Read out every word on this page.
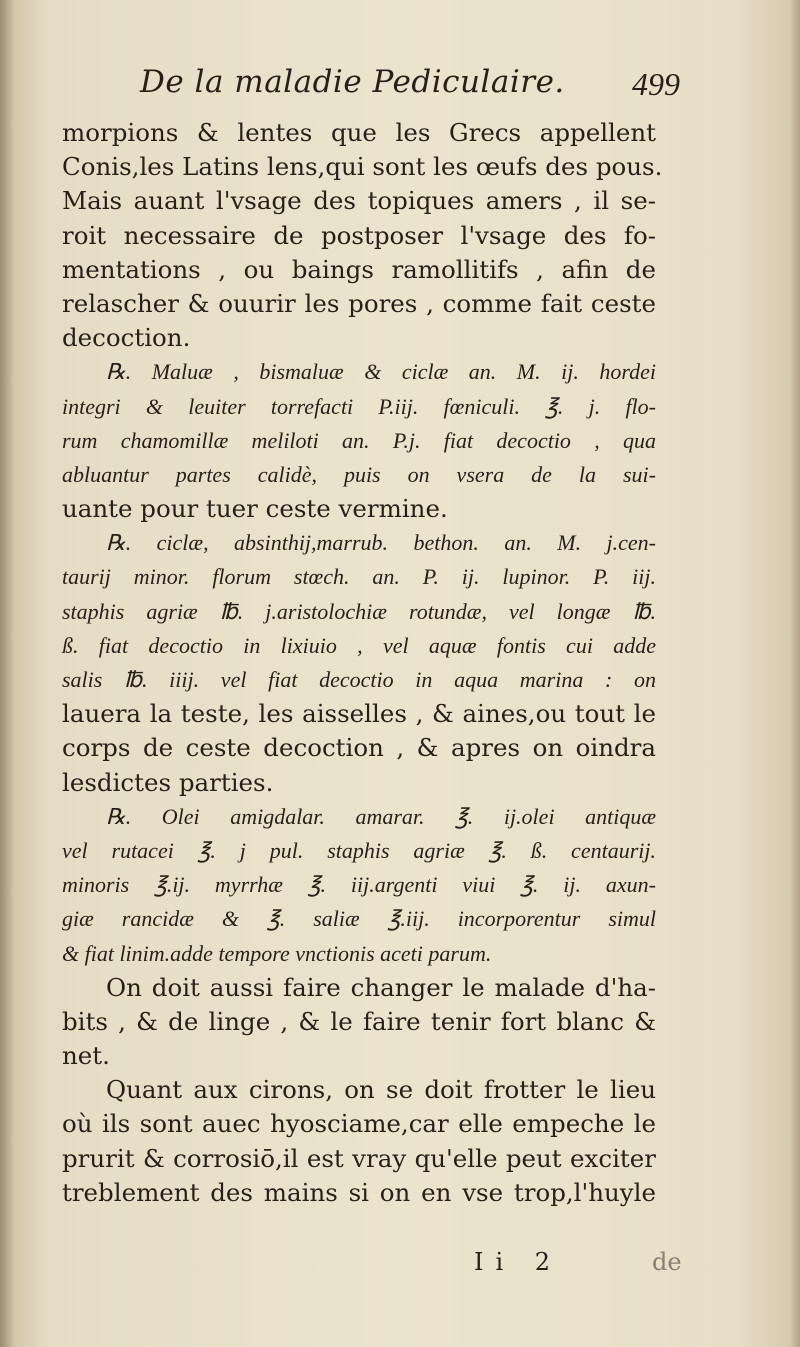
De la maladie Pediculaire. 499
morpions & lentes que les Grecs appellent
Conis,les Latins lens,qui sont les œufs des pous.
Mais auant l'vsage des topiques amers , il se-
roit necessaire de postposer l'vsage des fo-
mentations , ou baings ramollitifs , afin de
relascher & ouurir les pores , comme fait ceste
decoction.
℞. Maluæ , bismaluæ & ciclæ an. M. ij. hordei
integri & leuiter torrefacti P.iij. fœniculi. ℥. j. flo-
rum chamomillæ meliloti an. P.j. fiat decoctio , qua
abluantur partes calidè, puis on vsera de la sui-
uante pour tuer ceste vermine.
℞. ciclæ, absinthij,marrub. bethon. an. M. j.cen-
taurij minor. florum stœch. an. P. ij. lupinor. P. iij.
staphis agriæ ℔. j.aristolochiæ rotundæ, vel longæ ℔.
ß. fiat decoctio in lixiuio , vel aquæ fontis cui adde
salis ℔. iiij. vel fiat decoctio in aqua marina : on
lauera la teste, les aisselles , & aines,ou tout le
corps de ceste decoction , & apres on oindra
lesdictes parties.
℞. Olei amigdalar. amarar. ℥. ij.olei antiquæ
vel rutacei ℥. j pul. staphis agriæ ℥. ß. centaurij.
minoris ℥.ij. myrrhæ ℥. iij.argenti viui ℥. ij. axun-
giæ rancidæ & ℥. saliæ ℥.iij. incorporentur simul
& fiat linim.adde tempore vnctionis aceti parum.
On doit aussi faire changer le malade d'ha-
bits , & de linge , & le faire tenir fort blanc &
net.
Quant aux cirons, on se doit frotter le lieu
où ils sont auec hyosciame,car elle empeche le
prurit & corrosiō,il est vray qu'elle peut exciter
treblement des mains si on en vse trop,l'huyle
Ii 2	de
